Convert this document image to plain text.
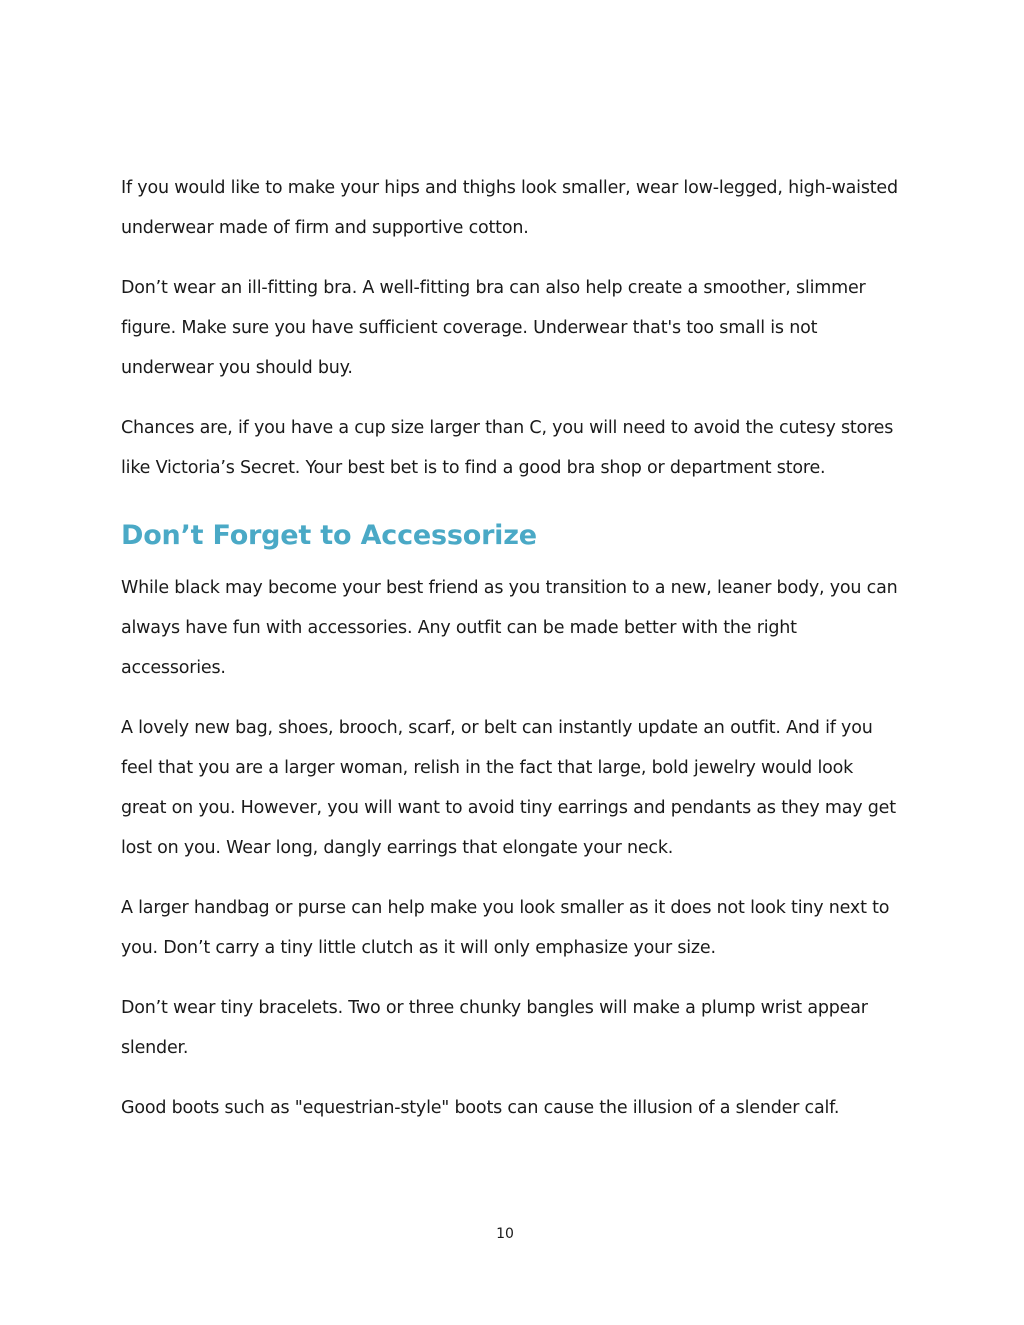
If you would like to make your hips and thighs look smaller, wear low-legged, high-waisted underwear made of firm and supportive cotton.

Don’t wear an ill-fitting bra. A well-fitting bra can also help create a smoother, slimmer figure. Make sure you have sufficient coverage. Underwear that's too small is not underwear you should buy.

Chances are, if you have a cup size larger than C, you will need to avoid the cutesy stores like Victoria’s Secret. Your best bet is to find a good bra shop or department store.

Don’t Forget to Accessorize

While black may become your best friend as you transition to a new, leaner body, you can always have fun with accessories. Any outfit can be made better with the right accessories.

A lovely new bag, shoes, brooch, scarf, or belt can instantly update an outfit. And if you feel that you are a larger woman, relish in the fact that large, bold jewelry would look great on you. However, you will want to avoid tiny earrings and pendants as they may get lost on you. Wear long, dangly earrings that elongate your neck.

A larger handbag or purse can help make you look smaller as it does not look tiny next to you. Don’t carry a tiny little clutch as it will only emphasize your size.

Don’t wear tiny bracelets. Two or three chunky bangles will make a plump wrist appear slender.

Good boots such as "equestrian-style" boots can cause the illusion of a slender calf.

10
